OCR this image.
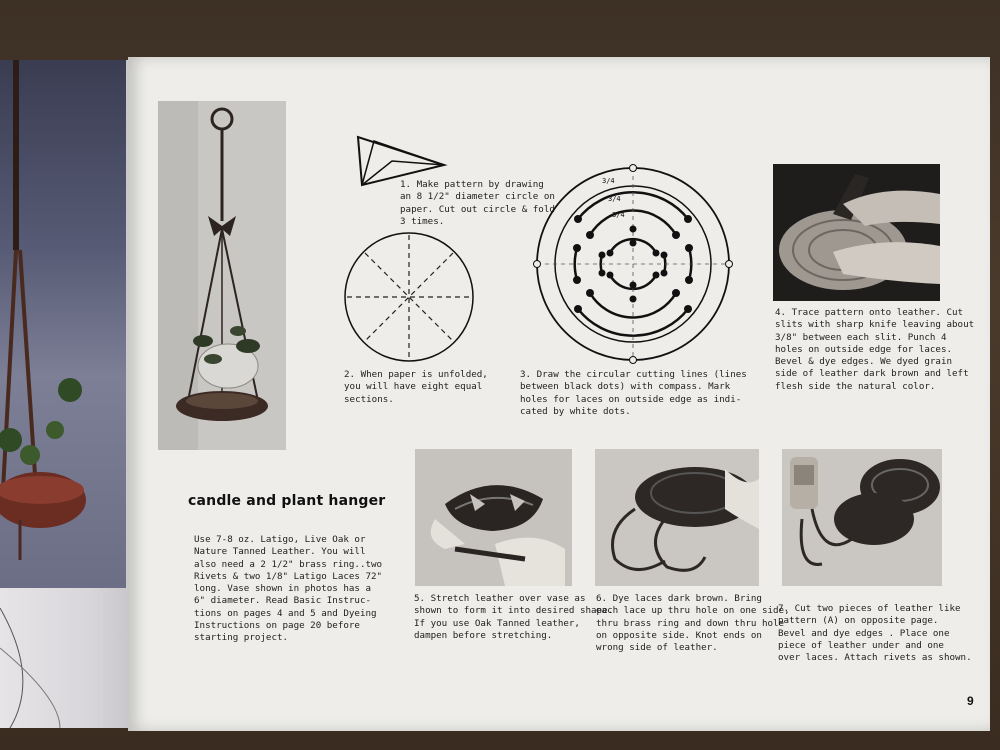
1. Make pattern by drawing
an 8 1/2" diameter circle on
paper. Cut out circle & fold
3 times.
2. When paper is unfolded,
you will have eight equal
sections.
3/4
3/4
3/4
3. Draw the circular cutting lines (lines
between black dots) with compass. Mark
holes for laces on outside edge as indi-
cated by white dots.
4. Trace pattern onto leather. Cut
slits with sharp knife leaving about
3/8" between each slit. Punch 4
holes on outside edge for laces.
Bevel & dye edges. We dyed grain
side of leather dark brown and left
flesh side the natural color.
candle and plant hanger
Use 7-8 oz. Latigo, Live Oak or
Nature Tanned Leather. You will
also need a 2 1/2" brass ring..two
Rivets & two 1/8" Latigo Laces 72"
long. Vase shown in photos has a
6" diameter. Read Basic Instruc-
tions on pages 4 and 5 and Dyeing
Instructions on page 20 before
starting project.
5. Stretch leather over vase as
shown to form it into desired shape.
If you use Oak Tanned leather,
dampen before stretching.
6. Dye laces dark brown. Bring
each lace up thru hole on one side,
thru brass ring and down thru hole
on opposite side. Knot ends on
wrong side of leather.
7. Cut two pieces of leather like
pattern (A) on opposite page.
Bevel and dye edges . Place one
piece of leather under and one
over laces. Attach rivets as shown.
9
